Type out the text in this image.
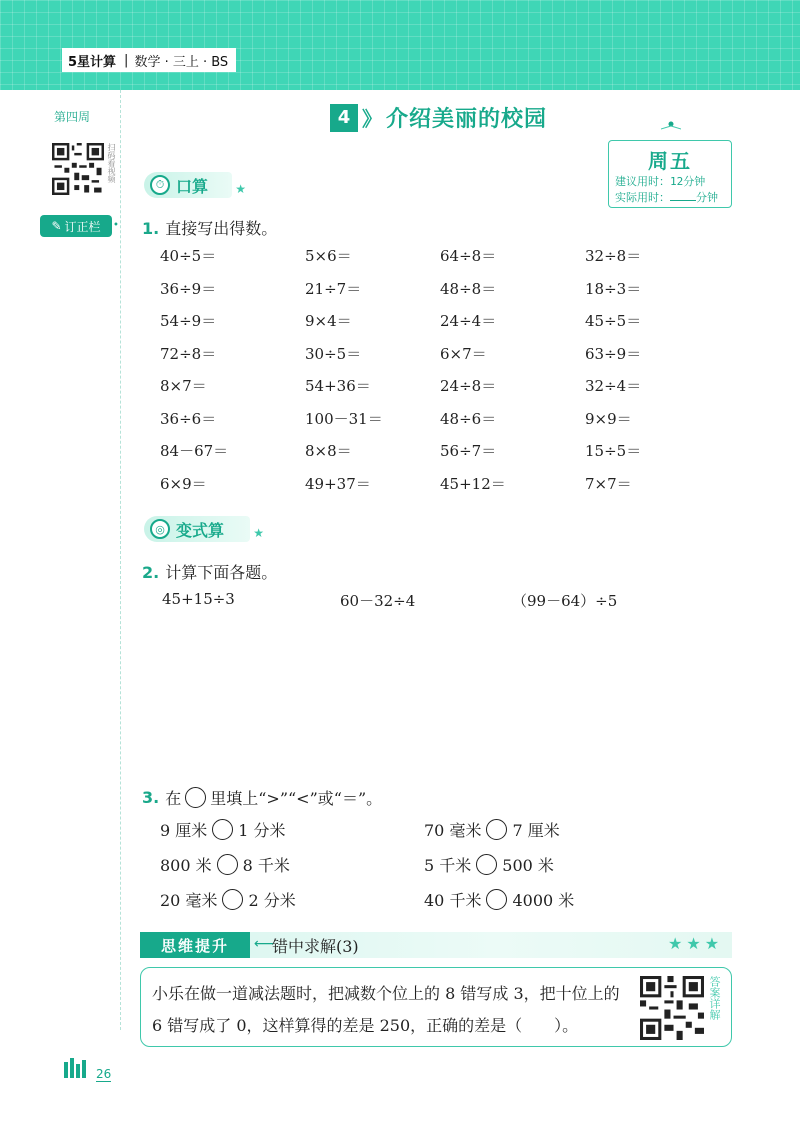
5星计算 | 数学 · 三上 · BS
第四周
扫码看视频
✎ 订正栏 •
4 》 介绍美丽的校园
周五
建议用时：12分钟
实际用时： 分钟
⏱ 口算 ★
1. 直接写出得数。
40÷5＝	5×6＝	64÷8＝	32÷8＝
36÷9＝	21÷7＝	48÷8＝	18÷3＝
54÷9＝	9×4＝	24÷4＝	45÷5＝
72÷8＝	30÷5＝	6×7＝	63÷9＝
8×7＝	54+36＝	24÷8＝	32÷4＝
36÷6＝	100－31＝	48÷6＝	9×9＝
84－67＝	8×8＝	56÷7＝	15÷5＝
6×9＝	49+37＝	45+12＝	7×7＝
◎ 变式算 ★
2. 计算下面各题。
45+15÷3	60－32÷4	（99－64）÷5
3. 在 里填上“>”“<”或“＝”。
9 厘米 1 分米	70 毫米 7 厘米
800 米 8 千米	5 千米 500 米
20 毫米 2 分米	40 千米 4000 米
思维提升	⟵
错中求解(3)	★★★
小乐在做一道减法题时，把减数个位上的 8 错写成 3，把十位上的 6 错写成了 0，这样算得的差是 250，正确的差是（　　）。
答案详解
26
